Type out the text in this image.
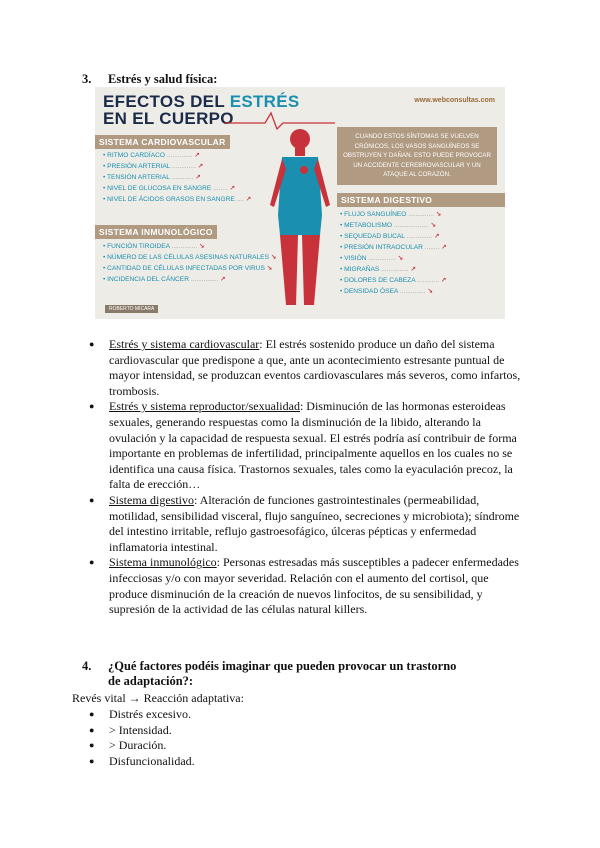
3. Estrés y salud física:
EFECTOS DEL ESTRÉS
EN EL CUERPO
www.webconsultas.com
SISTEMA CARDIOVASCULAR
• RITMO CARDÍACO .............. ↗
• PRESIÓN ARTERIAL ............. ↗
• TENSIÓN ARTERIAL ............ ↗
• NIVEL DE GLUCOSA EN SANGRE ........ ↗
• NIVEL DE ÁCIDOS GRASOS EN SANGRE .... ↗
SISTEMA INMUNOLÓGICO
• FUNCIÓN TIROIDEA .............. ↘
• NÚMERO DE LAS CÉLULAS ASESINAS NATURALES ↘
• CANTIDAD DE CÉLULAS INFECTADAS POR VIRUS ↘
• INCIDENCIA DEL CÁNCER ............... ↗
CUANDO ESTOS SÍNTOMAS SE VUELVEN CRÓNICOS, LOS VASOS SANGUÍNEOS SE OBSTRUYEN Y DAÑAN. ESTO PUEDE PROVOCAR UN ACCIDENTE CEREBROVASCULAR Y UN ATAQUE AL CORAZÓN.
SISTEMA DIGESTIVO
• FLUJO SANGUÍNEO .............. ↘
• METABOLISMO ................... ↘
• SEQUEDAD BUCAL .............. ↗
• PRESIÓN INTRAOCULAR ........ ↗
• VISIÓN ............... ↘
• MIGRAÑAS ............... ↗
• DOLORES DE CABEZA ............ ↗
• DENSIDAD ÓSEA .............. ↘
ROBERTO MICARA
● Estrés y sistema cardiovascular: El estrés sostenido produce un daño del sistema cardiovascular que predispone a que, ante un acontecimiento estresante puntual de mayor intensidad, se produzcan eventos cardiovasculares más severos, como infartos, trombosis.
● Estrés y sistema reproductor/sexualidad: Disminución de las hormonas esteroideas sexuales, generando respuestas como la disminución de la libido, alterando la ovulación y la capacidad de respuesta sexual. El estrés podría así contribuir de forma importante en problemas de infertilidad, principalmente aquellos en los cuales no se identifica una causa física. Trastornos sexuales, tales como la eyaculación precoz, la falta de erección…
● Sistema digestivo: Alteración de funciones gastrointestinales (permeabilidad, motilidad, sensibilidad visceral, flujo sanguíneo, secreciones y microbiota); síndrome del intestino irritable, reflujo gastroesofágico, úlceras pépticas y enfermedad inflamatoria intestinal.
● Sistema inmunológico: Personas estresadas más susceptibles a padecer enfermedades infecciosas y/o con mayor severidad. Relación con el aumento del cortisol, que produce disminución de la creación de nuevos linfocitos, de su sensibilidad, y supresión de la actividad de las células natural killers.
4. ¿Qué factores podéis imaginar que pueden provocar un trastorno de adaptación?:
Revés vital → Reacción adaptativa:
● Distrés excesivo.
● > Intensidad.
● > Duración.
● Disfuncionalidad.
